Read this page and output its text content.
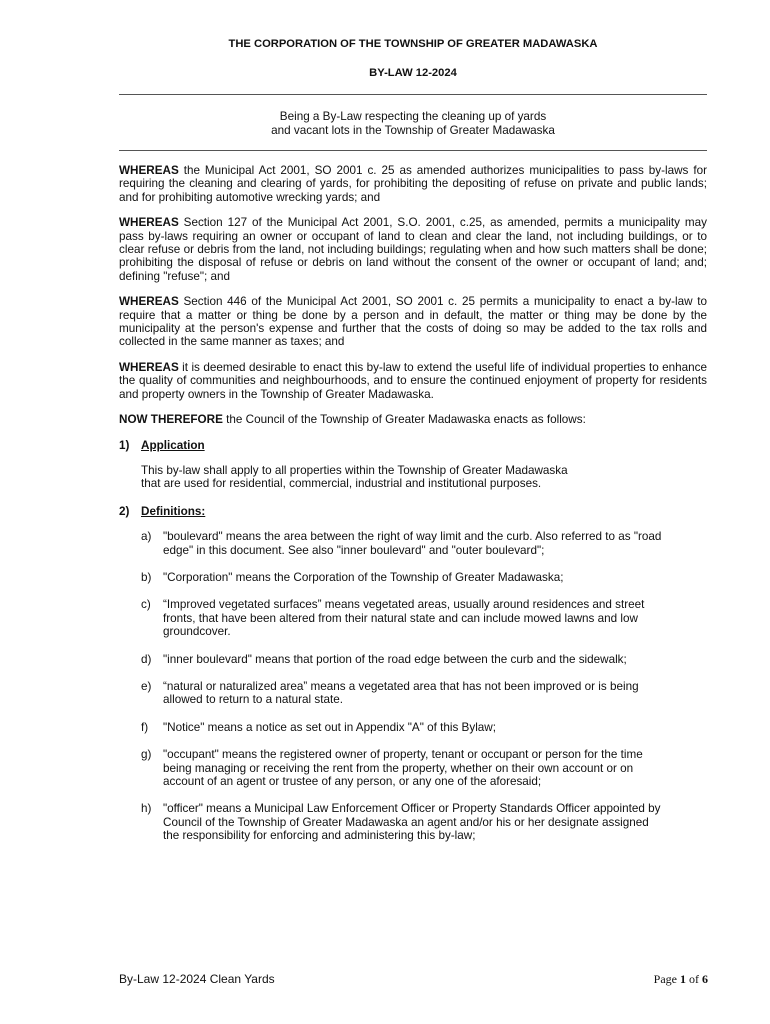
THE CORPORATION OF THE TOWNSHIP OF GREATER MADAWASKA
BY-LAW 12-2024
Being a By-Law respecting the cleaning up of yards
and vacant lots in the Township of Greater Madawaska

WHEREAS the Municipal Act 2001, SO 2001 c. 25 as amended authorizes municipalities to pass by-laws for requiring the cleaning and clearing of yards, for prohibiting the depositing of refuse on private and public lands; and for prohibiting automotive wrecking yards; and

WHEREAS Section 127 of the Municipal Act 2001, S.O. 2001, c.25, as amended, permits a municipality may pass by-laws requiring an owner or occupant of land to clean and clear the land, not including buildings, or to clear refuse or debris from the land, not including buildings; regulating when and how such matters shall be done; prohibiting the disposal of refuse or debris on land without the consent of the owner or occupant of land; and; defining "refuse"; and

WHEREAS Section 446 of the Municipal Act 2001, SO 2001 c. 25 permits a municipality to enact a by-law to require that a matter or thing be done by a person and in default, the matter or thing may be done by the municipality at the person's expense and further that the costs of doing so may be added to the tax rolls and collected in the same manner as taxes; and

WHEREAS it is deemed desirable to enact this by-law to extend the useful life of individual properties to enhance the quality of communities and neighbourhoods, and to ensure the continued enjoyment of property for residents and property owners in the Township of Greater Madawaska.

NOW THEREFORE the Council of the Township of Greater Madawaska enacts as follows:

1) Application
This by-law shall apply to all properties within the Township of Greater Madawaska
that are used for residential, commercial, industrial and institutional purposes.
2) Definitions:
a) "boulevard" means the area between the right of way limit and the curb. Also referred to as "road edge" in this document. See also "inner boulevard" and "outer boulevard";
b) "Corporation" means the Corporation of the Township of Greater Madawaska;
c)	“Improved vegetated surfaces” means vegetated areas, usually around residences and street fronts, that have been altered from their natural state and can include mowed lawns and low groundcover.
d) "inner boulevard" means that portion of the road edge between the curb and the sidewalk;
e) “natural or naturalized area” means a vegetated area that has not been improved or is being allowed to return to a natural state.
f)	"Notice" means a notice as set out in Appendix "A" of this Bylaw;
g) "occupant" means the registered owner of property, tenant or occupant or person for the time being managing or receiving the rent from the property, whether on their own account or on account of an agent or trustee of any person, or any one of the aforesaid;
h) "officer" means a Municipal Law Enforcement Officer or Property Standards Officer appointed by Council of the Township of Greater Madawaska an agent and/or his or her designate assigned the responsibility for enforcing and administering this by-law;
By-Law 12-2024 Clean Yards	Page 1 of 6
